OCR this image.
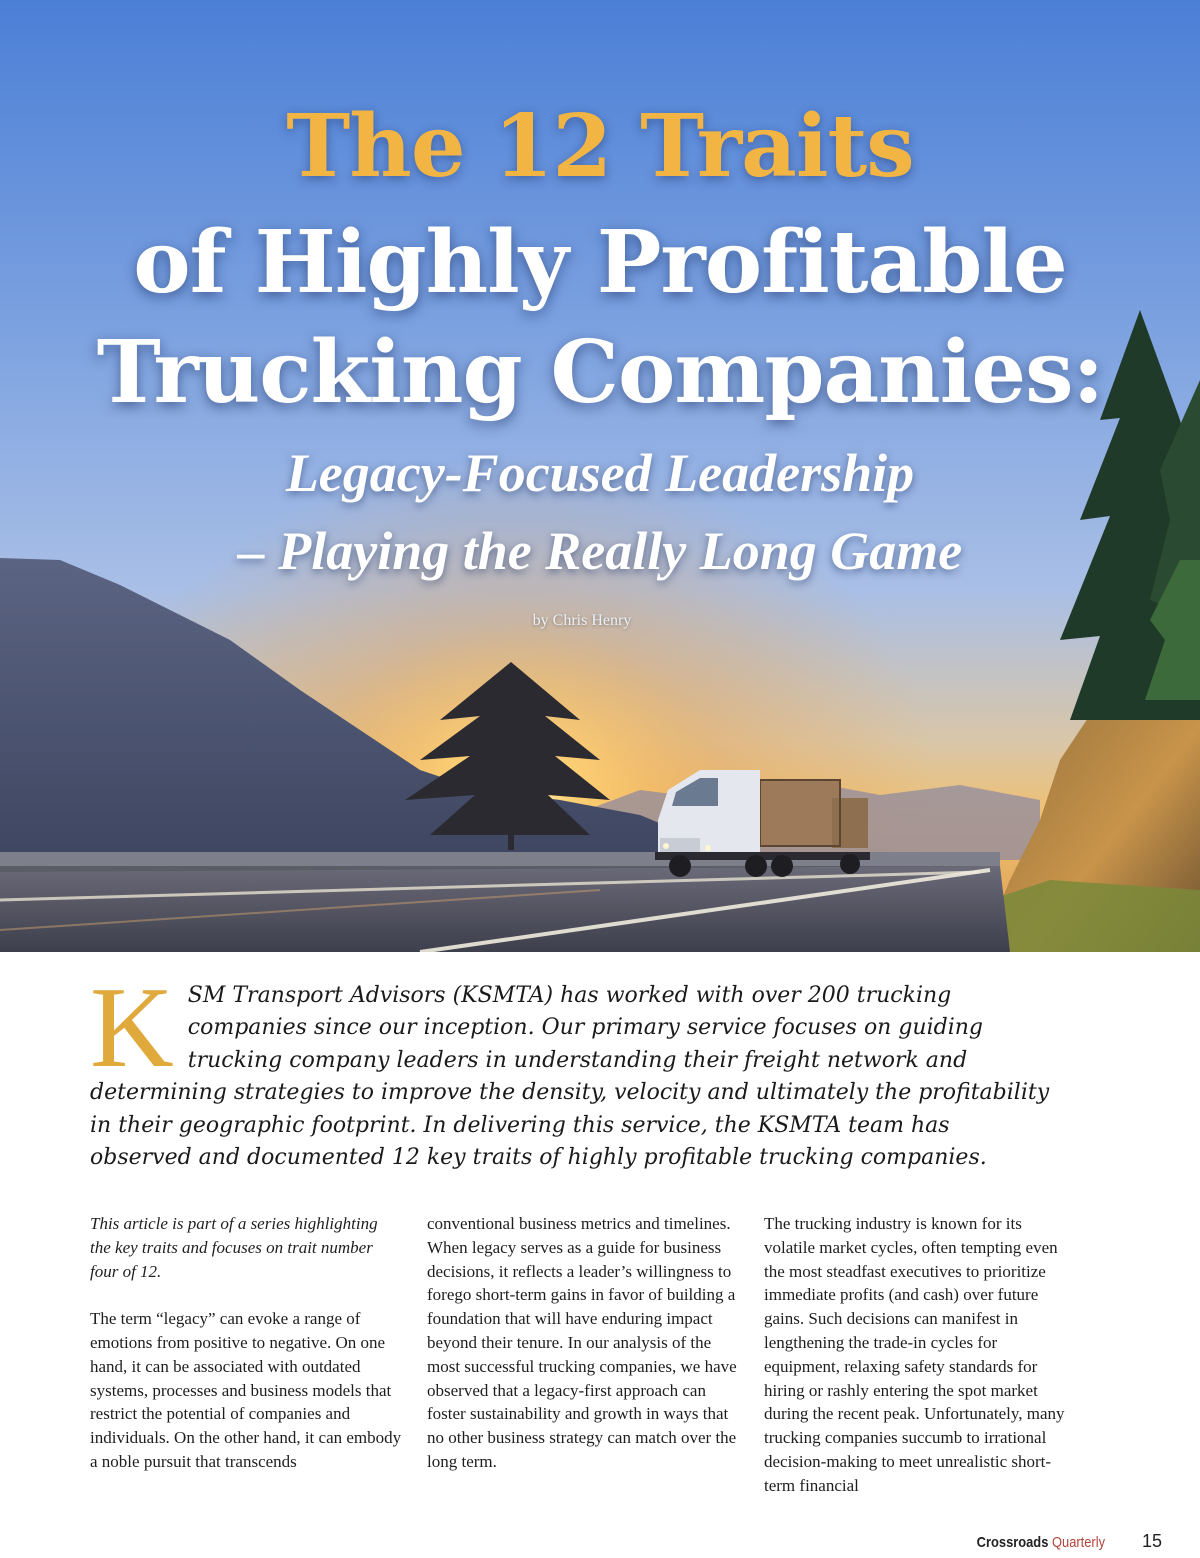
The 12 Traits
of Highly Profitable
Trucking Companies:
Legacy-Focused Leadership
– Playing the Really Long Game
by Chris Henry
K SM Transport Advisors (KSMTA) has worked with over 200 trucking companies since our inception. Our primary service focuses on guiding trucking company leaders in understanding their freight network and determining strategies to improve the density, velocity and ultimately the profitability in their geographic footprint. In delivering this service, the KSMTA team has observed and documented 12 key traits of highly profitable trucking companies.

This article is part of a series highlighting the key traits and focuses on trait number four of 12.

The term “legacy” can evoke a range of emotions from positive to negative. On one hand, it can be associated with outdated systems, processes and business models that restrict the potential of companies and individuals. On the other hand, it can embody a noble pursuit that transcends

conventional business metrics and timelines. When legacy serves as a guide for business decisions, it reflects a leader’s willingness to forego short-term gains in favor of building a foundation that will have enduring impact beyond their tenure. In our analysis of the most successful trucking companies, we have observed that a legacy-first approach can foster sustainability and growth in ways that no other business strategy can match over the long term.

The trucking industry is known for its volatile market cycles, often tempting even the most steadfast executives to prioritize immediate profits (and cash) over future gains. Such decisions can manifest in lengthening the trade-in cycles for equipment, relaxing safety standards for hiring or rashly entering the spot market during the recent peak. Unfortunately, many trucking companies succumb to irrational decision-making to meet unrealistic short-term financial

Crossroads Quarterly 15
